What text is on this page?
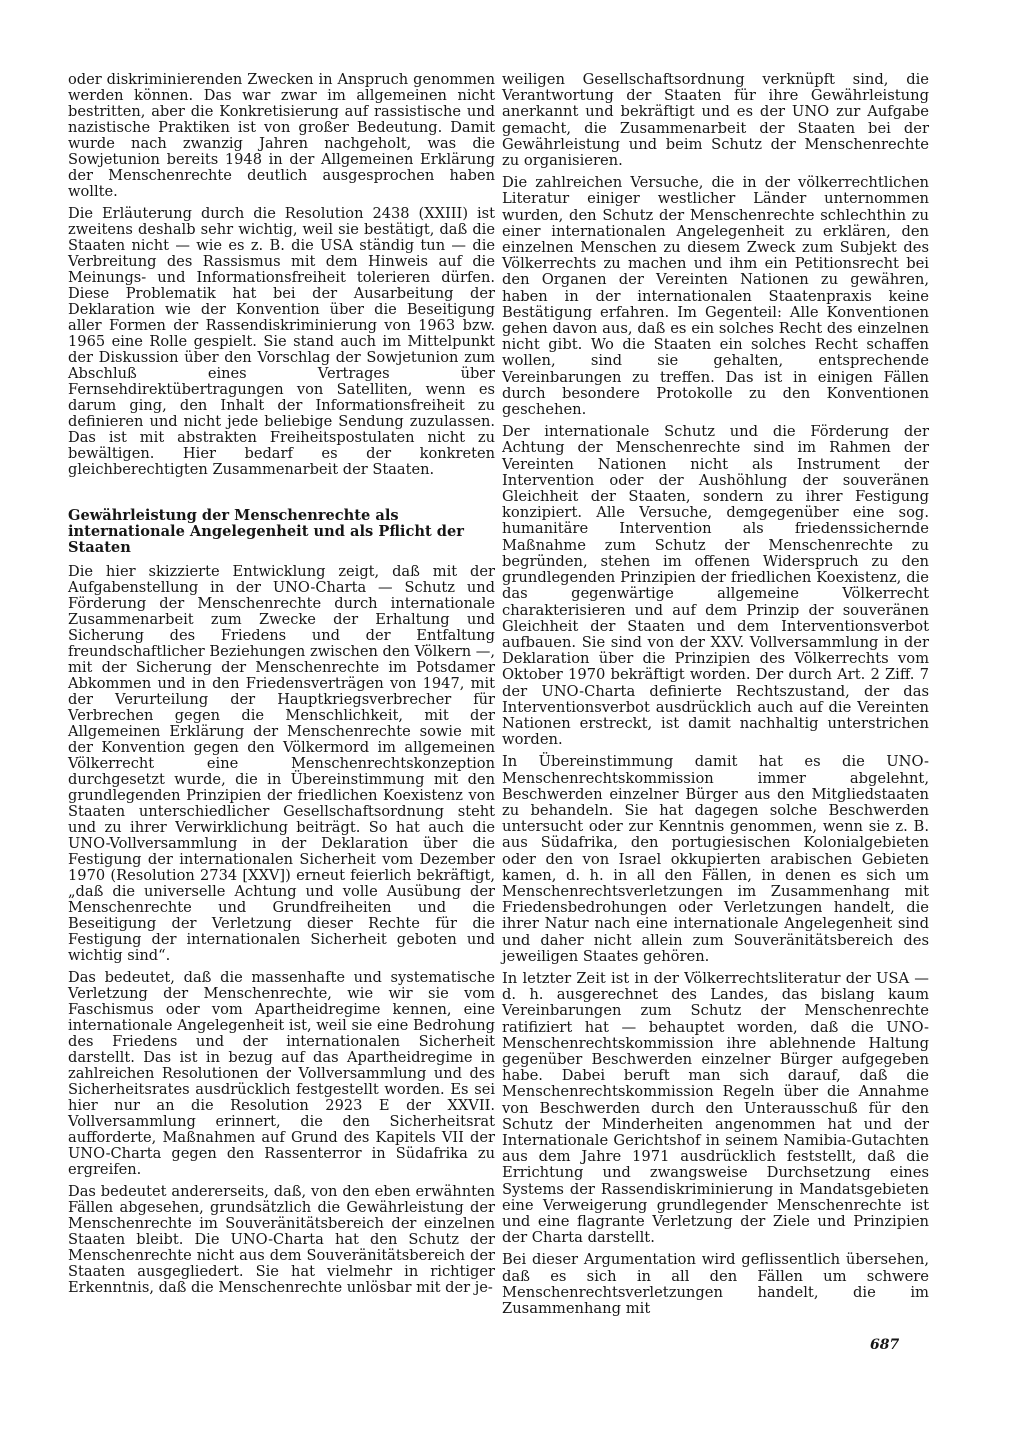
oder diskriminierenden Zwecken in Anspruch genommen werden können. Das war zwar im allgemeinen nicht bestritten, aber die Konkretisierung auf rassistische und nazistische Praktiken ist von großer Bedeutung. Damit wurde nach zwanzig Jahren nachgeholt, was die Sowjetunion bereits 1948 in der Allgemeinen Erklärung der Menschenrechte deutlich ausgesprochen haben wollte.

Die Erläuterung durch die Resolution 2438 (XXIII) ist zweitens deshalb sehr wichtig, weil sie bestätigt, daß die Staaten nicht — wie es z. B. die USA ständig tun — die Verbreitung des Rassismus mit dem Hinweis auf die Meinungs- und Informationsfreiheit tolerieren dürfen. Diese Problematik hat bei der Ausarbeitung der Deklaration wie der Konvention über die Beseitigung aller Formen der Rassendiskriminierung von 1963 bzw. 1965 eine Rolle gespielt. Sie stand auch im Mittelpunkt der Diskussion über den Vorschlag der Sowjetunion zum Abschluß eines Vertrages über Fernsehdirektübertragungen von Satelliten, wenn es darum ging, den Inhalt der Informationsfreiheit zu definieren und nicht jede beliebige Sendung zuzulassen. Das ist mit abstrakten Freiheitspostulaten nicht zu bewältigen. Hier bedarf es der konkreten gleichberechtigten Zusammenarbeit der Staaten.

Gewährleistung der Menschenrechte als internationale Angelegenheit und als Pflicht der Staaten

Die hier skizzierte Entwicklung zeigt, daß mit der Aufgabenstellung in der UNO-Charta — Schutz und Förderung der Menschenrechte durch internationale Zusammenarbeit zum Zwecke der Erhaltung und Sicherung des Friedens und der Entfaltung freundschaftlicher Beziehungen zwischen den Völkern —, mit der Sicherung der Menschenrechte im Potsdamer Abkommen und in den Friedensverträgen von 1947, mit der Verurteilung der Hauptkriegsverbrecher für Verbrechen gegen die Menschlichkeit, mit der Allgemeinen Erklärung der Menschenrechte sowie mit der Konvention gegen den Völkermord im allgemeinen Völkerrecht eine Menschenrechtskonzeption durchgesetzt wurde, die in Übereinstimmung mit den grundlegenden Prinzipien der friedlichen Koexistenz von Staaten unterschiedlicher Gesellschaftsordnung steht und zu ihrer Verwirklichung beiträgt. So hat auch die UNO-Vollversammlung in der Deklaration über die Festigung der internationalen Sicherheit vom Dezember 1970 (Resolution 2734 [XXV]) erneut feierlich bekräftigt, „daß die universelle Achtung und volle Ausübung der Menschenrechte und Grundfreiheiten und die Beseitigung der Verletzung dieser Rechte für die Festigung der internationalen Sicherheit geboten und wichtig sind“.

Das bedeutet, daß die massenhafte und systematische Verletzung der Menschenrechte, wie wir sie vom Faschismus oder vom Apartheidregime kennen, eine internationale Angelegenheit ist, weil sie eine Bedrohung des Friedens und der internationalen Sicherheit darstellt. Das ist in bezug auf das Apartheidregime in zahlreichen Resolutionen der Vollversammlung und des Sicherheitsrates ausdrücklich festgestellt worden. Es sei hier nur an die Resolution 2923 E der XXVII. Vollversammlung erinnert, die den Sicherheitsrat aufforderte, Maßnahmen auf Grund des Kapitels VII der UNO-Charta gegen den Rassenterror in Südafrika zu ergreifen.

Das bedeutet andererseits, daß, von den eben erwähnten Fällen abgesehen, grundsätzlich die Gewährleistung der Menschenrechte im Souveränitätsbereich der einzelnen Staaten bleibt. Die UNO-Charta hat den Schutz der Menschenrechte nicht aus dem Souveränitätsbereich der Staaten ausgegliedert. Sie hat vielmehr in richtiger Erkenntnis, daß die Menschenrechte unlösbar mit der je-

weiligen Gesellschaftsordnung verknüpft sind, die Verantwortung der Staaten für ihre Gewährleistung anerkannt und bekräftigt und es der UNO zur Aufgabe gemacht, die Zusammenarbeit der Staaten bei der Gewährleistung und beim Schutz der Menschenrechte zu organisieren.

Die zahlreichen Versuche, die in der völkerrechtlichen Literatur einiger westlicher Länder unternommen wurden, den Schutz der Menschenrechte schlechthin zu einer internationalen Angelegenheit zu erklären, den einzelnen Menschen zu diesem Zweck zum Subjekt des Völkerrechts zu machen und ihm ein Petitionsrecht bei den Organen der Vereinten Nationen zu gewähren, haben in der internationalen Staatenpraxis keine Bestätigung erfahren. Im Gegenteil: Alle Konventionen gehen davon aus, daß es ein solches Recht des einzelnen nicht gibt. Wo die Staaten ein solches Recht schaffen wollen, sind sie gehalten, entsprechende Vereinbarungen zu treffen. Das ist in einigen Fällen durch besondere Protokolle zu den Konventionen geschehen.

Der internationale Schutz und die Förderung der Achtung der Menschenrechte sind im Rahmen der Vereinten Nationen nicht als Instrument der Intervention oder der Aushöhlung der souveränen Gleichheit der Staaten, sondern zu ihrer Festigung konzipiert. Alle Versuche, demgegenüber eine sog. humanitäre Intervention als friedenssichernde Maßnahme zum Schutz der Menschenrechte zu begründen, stehen im offenen Widerspruch zu den grundlegenden Prinzipien der friedlichen Koexistenz, die das gegenwärtige allgemeine Völkerrecht charakterisieren und auf dem Prinzip der souveränen Gleichheit der Staaten und dem Interventionsverbot aufbauen. Sie sind von der XXV. Vollversammlung in der Deklaration über die Prinzipien des Völkerrechts vom Oktober 1970 bekräftigt worden. Der durch Art. 2 Ziff. 7 der UNO-Charta definierte Rechtszustand, der das Interventionsverbot ausdrücklich auch auf die Vereinten Nationen erstreckt, ist damit nachhaltig unterstrichen worden.

In Übereinstimmung damit hat es die UNO-Menschenrechtskommission immer abgelehnt, Beschwerden einzelner Bürger aus den Mitgliedstaaten zu behandeln. Sie hat dagegen solche Beschwerden untersucht oder zur Kenntnis genommen, wenn sie z. B. aus Südafrika, den portugiesischen Kolonialgebieten oder den von Israel okkupierten arabischen Gebieten kamen, d. h. in all den Fällen, in denen es sich um Menschenrechtsverletzungen im Zusammenhang mit Friedensbedrohungen oder Verletzungen handelt, die ihrer Natur nach eine internationale Angelegenheit sind und daher nicht allein zum Souveränitätsbereich des jeweiligen Staates gehören.

In letzter Zeit ist in der Völkerrechtsliteratur der USA — d. h. ausgerechnet des Landes, das bislang kaum Vereinbarungen zum Schutz der Menschenrechte ratifiziert hat — behauptet worden, daß die UNO-Menschenrechtskommission ihre ablehnende Haltung gegenüber Beschwerden einzelner Bürger aufgegeben habe. Dabei beruft man sich darauf, daß die Menschenrechtskommission Regeln über die Annahme von Beschwerden durch den Unterausschuß für den Schutz der Minderheiten angenommen hat und der Internationale Gerichtshof in seinem Namibia-Gutachten aus dem Jahre 1971 ausdrücklich feststellt, daß die Errichtung und zwangsweise Durchsetzung eines Systems der Rassendiskriminierung in Mandatsgebieten eine Verweigerung grundlegender Menschenrechte ist und eine flagrante Verletzung der Ziele und Prinzipien der Charta darstellt.

Bei dieser Argumentation wird geflissentlich übersehen, daß es sich in all den Fällen um schwere Menschenrechtsverletzungen handelt, die im Zusammenhang mit

687
